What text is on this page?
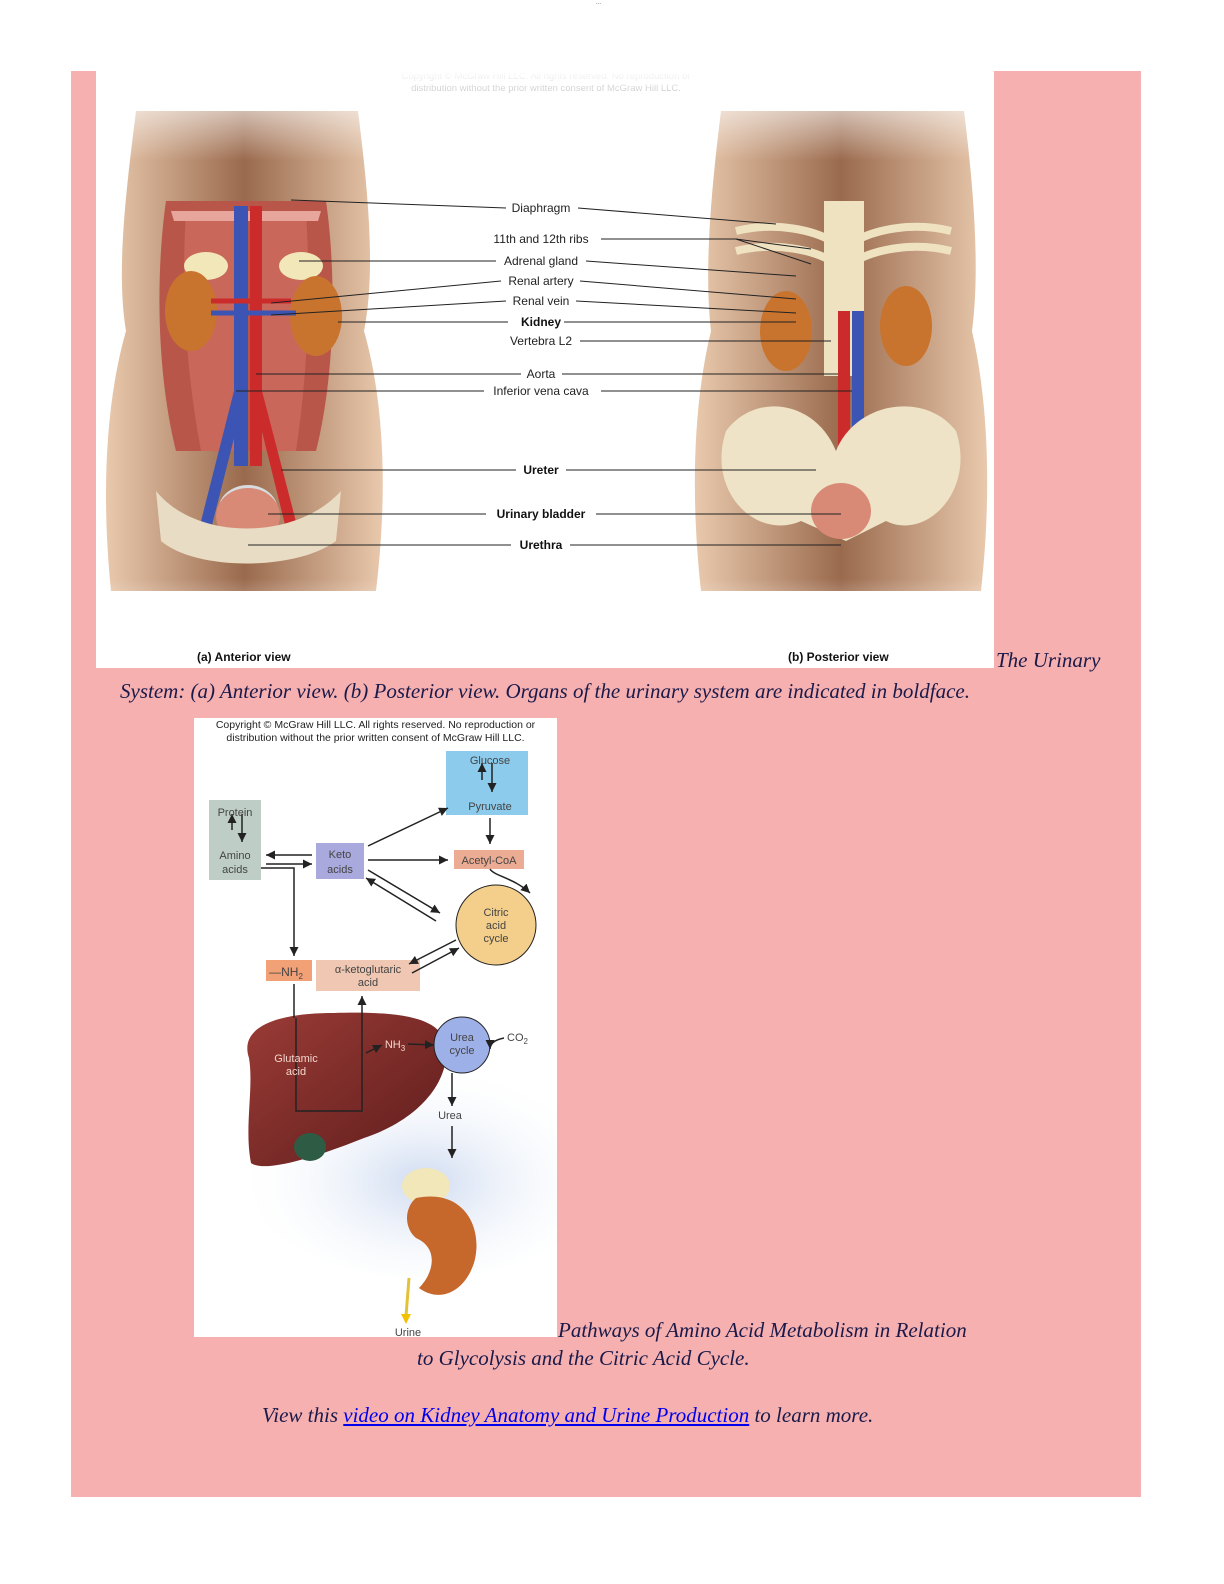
...

Diaphragm
11th and 12th ribs
Adrenal gland
Renal artery
Renal vein
Kidney
Vertebra L2
Aorta
Inferior vena cava
Ureter
Urinary bladder
Urethra
(a) Anterior view	(b) Posterior view	The Urinary
System: (a) Anterior view. (b) Posterior view. Organs of the urinary system are indicated in boldface.
Copyright © McGraw Hill LLC. All rights reserved. No reproduction or
distribution without the prior written consent of McGraw Hill LLC.
Glucose
Pyruvate
Protein
Amino
acids
Keto
acids
Acetyl-CoA
Citric
acid
cycle
$—NH_2$
α-ketoglutaric
acid
Glutamic
acid
$NH_3$
Urea
cycle
$CO_2$
Urea
Urine	Pathways of Amino Acid Metabolism in Relation
to Glycolysis and the Citric Acid Cycle.
View this video on Kidney Anatomy and Urine Production to learn more.
